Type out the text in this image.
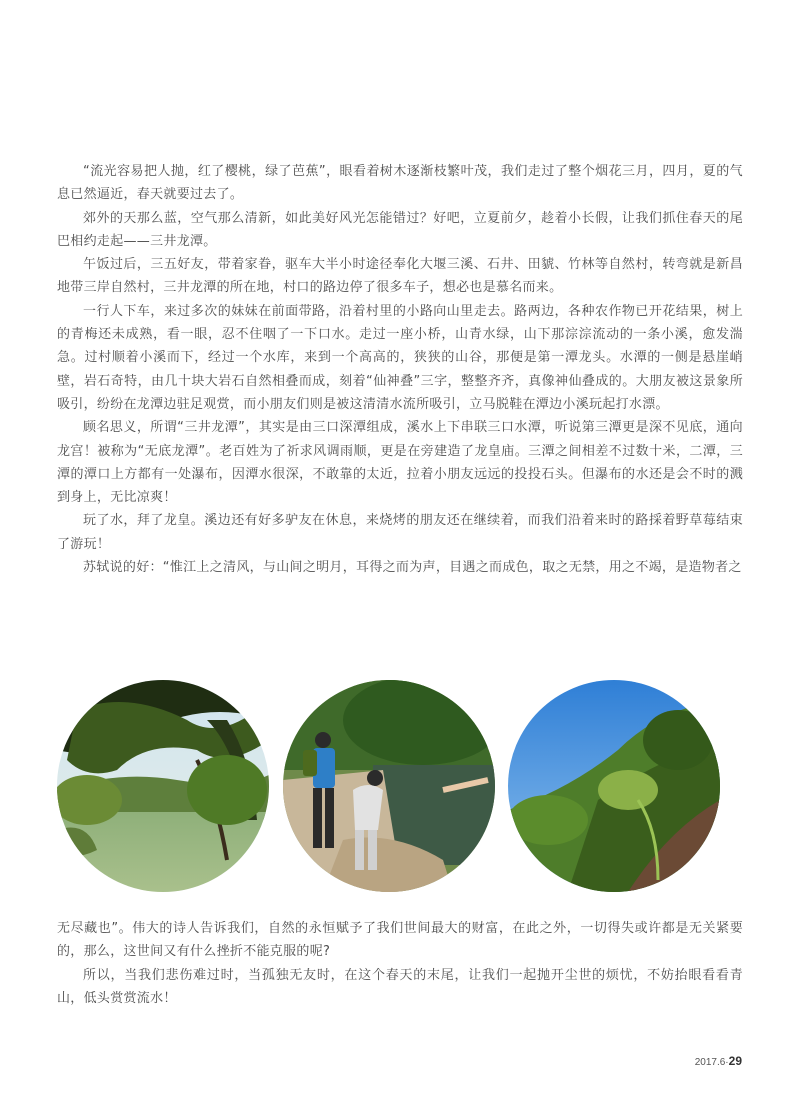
“流光容易把人抛，红了樱桃，绿了芭蕉”，眼看着树木逐渐枝繁叶茂，我们走过了整个烟花三月，四月，夏的气息已然逼近，春天就要过去了。

郊外的天那么蓝，空气那么清新，如此美好风光怎能错过？好吧，立夏前夕，趁着小长假，让我们抓住春天的尾巴相约走起——三井龙潭。

午饭过后，三五好友，带着家眷，驱车大半小时途径奉化大堰三溪、石井、田䝞、竹林等自然村，转弯就是新昌地带三岸自然村，三井龙潭的所在地，村口的路边停了很多车子，想必也是慕名而来。

一行人下车，来过多次的妹妹在前面带路，沿着村里的小路向山里走去。路两边，各种农作物已开花结果，树上的青梅还未成熟，看一眼，忍不住咽了一下口水。走过一座小桥，山青水绿，山下那淙淙流动的一条小溪，愈发湍急。过村顺着小溪而下，经过一个水库，来到一个高高的，狭狭的山谷，那便是第一潭龙头。水潭的一侧是悬崖峭壁，岩石奇特，由几十块大岩石自然相叠而成，刻着“仙神叠”三字，整整齐齐，真像神仙叠成的。大朋友被这景象所吸引，纷纷在龙潭边驻足观赏，而小朋友们则是被这清清水流所吸引，立马脱鞋在潭边小溪玩起打水漂。

顾名思义，所谓“三井龙潭”，其实是由三口深潭组成，溪水上下串联三口水潭，听说第三潭更是深不见底，通向龙宫！被称为“无底龙潭”。老百姓为了祈求风调雨顺，更是在旁建造了龙皇庙。三潭之间相差不过数十米，二潭，三潭的潭口上方都有一处瀑布，因潭水很深，不敢靠的太近，拉着小朋友远远的投投石头。但瀑布的水还是会不时的溅到身上，无比凉爽！

玩了水，拜了龙皇。溪边还有好多驴友在休息，来烧烤的朋友还在继续着，而我们沿着来时的路採着野草莓结束了游玩！

苏轼说的好：“惟江上之清风，与山间之明月，耳得之而为声，目遇之而成色，取之无禁，用之不竭，是造物者之

无尽藏也”。伟大的诗人告诉我们，自然的永恒赋予了我们世间最大的财富，在此之外，一切得失或许都是无关紧要的，那么，这世间又有什么挫折不能克服的呢?

所以，当我们悲伤难过时，当孤独无友时，在这个春天的末尾，让我们一起抛开尘世的烦忧，不妨抬眼看看青山，低头赏赏流水！

2017.6·29
